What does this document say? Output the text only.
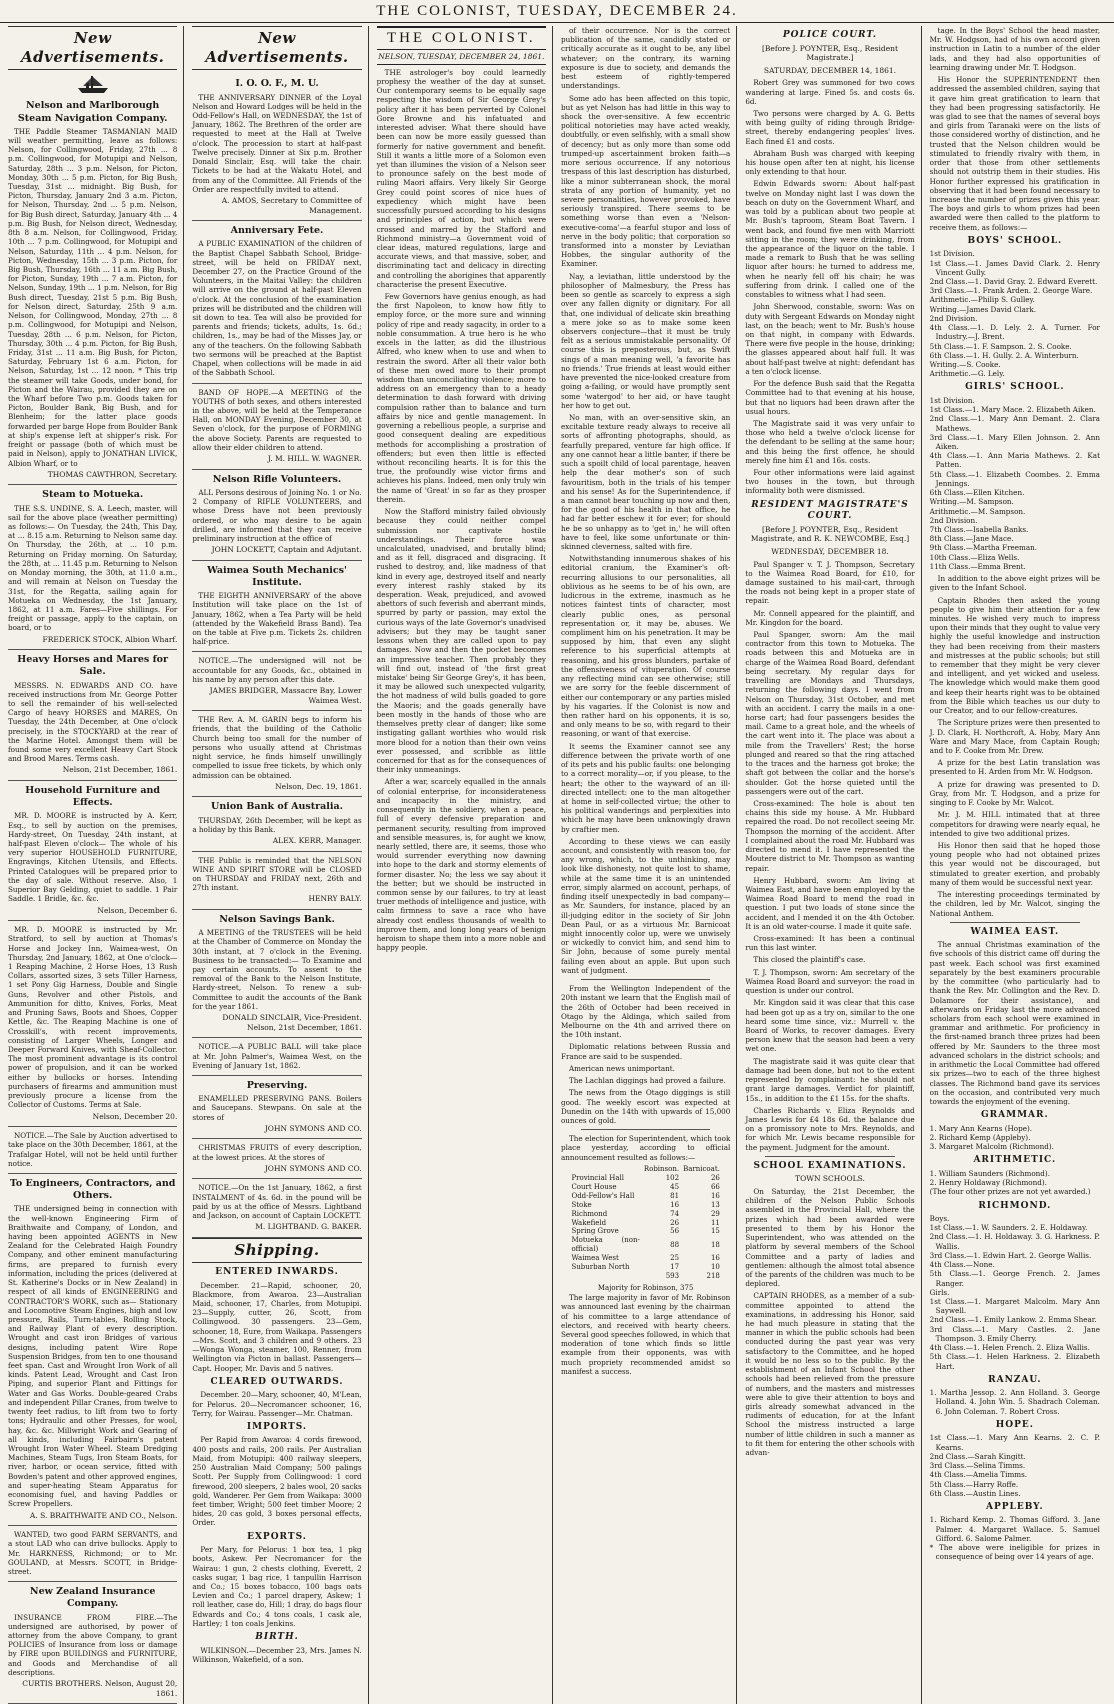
THE COLONIST, TUESDAY, DECEMBER 24.
New Advertisements.
Nelson and Marlborough Steam Navigation Company.
THE Paddle Steamer TASMANIAN MAID will weather permitting, leave as follows: Nelson, for Collingwood, Friday, 27th ... 8 p.m. Collingwood, for Motupipi and Nelson, Saturday, 28th ... 3 p.m. Nelson, for Picton, Monday, 30th ... 5 p.m. Picton, for Big Bush, Tuesday, 31st ... midnight. Big Bush, for Picton, Thursday, January 2nd 3 a.m. Picton, for Nelson, Thursday, 2nd ... 5 p.m. Nelson, for Big Bush direct, Saturday, January 4th ... 4 p.m. Big Bush, for Nelson direct, Wednesday, 8th 8 a.m. Nelson, for Collingwood, Friday, 10th ... 7 p.m. Collingwood, for Motupipi and Nelson, Saturday, 11th ... 4 p.m. Nelson, for Picton, Wednesday, 15th ... 3 p.m. Picton, for Big Bush, Thursday, 16th ... 11 a.m. Big Bush, for Picton, Sunday, 19th ... 7 a.m. Picton, for Nelson, Sunday, 19th ... 1 p.m. Nelson, for Big Bush direct, Tuesday, 21st 5 p.m. Big Bush, for Nelson direct, Saturday, 25th 9 a.m. Nelson, for Collingwood, Monday, 27th ... 8 p.m. Collingwood, for Motupipi and Nelson, Tuesday, 28th ... 6 p.m. Nelson, for Picton, Thursday, 30th ... 4 p.m. Picton, for Big Bush, Friday, 31st ... 11 a.m. Big Bush, for Picton, Saturday, February 1st 6 a.m. Picton, for Nelson, Saturday, 1st ... 12 noon. * This trip the steamer will take Goods, under bond, for Picton and the Wairau, provided they are on the Wharf before Two p.m. Goods taken for Picton, Boulder Bank, Big Bush, and for Blenheim; for the latter place goods forwarded per barge Hope from Boulder Bank at ship's expense left at shipper's risk. For freight or passage (both of which must be paid in Nelson), apply to JONATHAN LIVICK, Albion Wharf, or to
THOMAS CAWTHRON, Secretary.
Steam to Motueka.
THE S.S. UNDINE, S. A. Leech, master, will sail for the above place (weather permitting) as follows:— On Tuesday, the 24th, This Day, at ... 8.15 a.m. Returning to Nelson same day. On Thursday, the 26th, at ... 10 p.m. Returning on Friday morning. On Saturday, the 28th, at ... 11.45 p.m. Returning to Nelson on Monday morning, the 30th, at 11.0 a.m., and will remain at Nelson on Tuesday the 31st, for the Regatta, sailing again for Motueka on Wednesday, the 1st January, 1862, at 11 a.m. Fares—Five shillings. For freight or passage, apply to the captain, on board, or to
FREDERICK STOCK, Albion Wharf.
Heavy Horses and Mares for Sale.
MESSRS. N. EDWARDS AND CO. have received instructions from Mr. George Potter to sell the remainder of his well-selected Cargo of heavy HORSES and MARES, On Tuesday, the 24th December, at One o'clock precisely, in the STOCKYARD at the rear of the Marine Hotel. Amongst them will be found some very excellent Heavy Cart Stock and Brood Mares. Terms cash.
Nelson, 21st December, 1861.
Household Furniture and Effects.
MR. D. MOORE is instructed by A. Kerr, Esq., to sell by auction on the premises, Hardy-street, On Tuesday, 24th instant, at half-past Eleven o'clock— The whole of his very superior HOUSEHOLD FURNITURE, Engravings, Kitchen Utensils, and Effects. Printed Catalogues will be prepared prior to the day of sale. Without reserve. Also, 1 Superior Bay Gelding, quiet to saddle. 1 Pair Saddle. 1 Bridle, &c. &c.
Nelson, December 6.
MR. D. MOORE is instructed by Mr. Stratford, to sell by auction at Thomas's Horse and Jockey Inn, Waimea-west, On Thursday, 2nd January, 1862, at One o'clock— 1 Reaping Machine, 2 Horse Hoes, 13 Rush Collars, assorted sizes, 3 sets Tiller Harness, 1 set Pony Gig Harness, Double and Single Guns, Revolver and other Pistols, and Ammunition for ditto, Knives, Forks, Meat and Pruning Saws, Boots and Shoes, Copper Kettle, &c. The Reaping Machine is one of Crosskill's, with recent improvements, consisting of Larger Wheels, Longer and Deeper Forward Knives, with Sheaf-Collector. The most prominent advantage is its control power of propulsion, and it can be worked either by bullocks or horses. Intending purchasers of firearms and ammunition must previously procure a license from the Collector of Customs. Terms at Sale.
Nelson, December 20.
NOTICE.—The Sale by Auction advertised to take place on the 30th December, 1861, at the Trafalgar Hotel, will not be held until further notice.
To Engineers, Contractors, and Others.
THE undersigned being in connection with the well-known Engineering Firm of Braithwaite and Company, of London, and having been appointed AGENTS in New Zealand for the Celebrated Haigh Foundry Company, and other eminent manufacturing firms, are prepared to furnish every information, including the prices (delivered at St. Katherine's Docks or in New Zealand) in respect of all kinds of ENGINEERING and CONTRACTOR'S WORK, such as— Stationary and Locomotive Steam Engines, high and low pressure, Rails, Turn-tables, Rolling Stock, and Railway Plant of every description. Wrought and cast iron Bridges of various designs, including patent Wire Rope Suspension Bridges, from ten to one thousand feet span. Cast and Wrought Iron Work of all kinds. Patent Lead, Wrought and Cast Iron Piping, and superior Plant and Fittings for Water and Gas Works. Double-geared Crabs and independent Pillar Cranes, from twelve to twenty feet radius, to lift from two to forty tons; Hydraulic and other Presses, for wool, hay, &c. &c. Millwright Work and Gearing of all kinds, including Fairbairn's patent Wrought Iron Water Wheel. Steam Dredging Machines, Steam Tugs, Iron Steam Boats, for river, harbor, or ocean service, fitted with Bowden's patent and other approved engines, and super-heating Steam Apparatus for economising fuel, and having Paddles or Screw Propellers.
A. S. BRAITHWAITE AND CO., Nelson.
WANTED, two good FARM SERVANTS, and a stout LAD who can drive bullocks. Apply to Mr. HARKNESS, Richmond; or to Mr. GOULAND, at Messrs. SCOTT, in Bridge-street.
New Zealand Insurance Company.
INSURANCE FROM FIRE.—The undersigned are authorised, by power of attorney from the above Company, to grant POLICIES of Insurance from loss or damage by FIRE upon BUILDINGS and FURNITURE, and Goods and Merchandise of all descriptions.
CURTIS BROTHERS. Nelson, August 20, 1861.
New Advertisements.
I. O. O. F., M. U.
THE ANNIVERSARY DINNER of the Loyal Nelson and Howard Lodges will be held in the Odd-Fellow's Hall, on WEDNESDAY, the 1st of January, 1862. The Brethren of the order are requested to meet at the Hall at Twelve o'clock. The procession to start at half-past Twelve precisely. Dinner at Six p.m. Brother Donald Sinclair, Esq. will take the chair. Tickets to be had at the Wakatu Hotel, and from any of the Committee. All Friends of the Order are respectfully invited to attend.
A. AMOS, Secretary to Committee of Management.
Anniversary Fete.
A PUBLIC EXAMINATION of the children of the Baptist Chapel Sabbath School, Bridge-street, will be held on FRIDAY next, December 27, on the Practice Ground of the Volunteers, in the Maitai Valley: the children will arrive on the ground at half-past Eleven o'clock. At the conclusion of the examination prizes will be distributed and the children will sit down to tea. Tea will also be provided for parents and friends; tickets, adults, 1s. 6d.; children, 1s., may be had of the Misses Jay, or any of the teachers. On the following Sabbath two sermons will be preached at the Baptist Chapel, when collections will be made in aid of the Sabbath School.
BAND OF HOPE.—A MEETING of the YOUTHS of both sexes, and others interested in the above, will be held at the Temperance Hall, on MONDAY Evening, December 30, at Seven o'clock, for the purpose of FORMING the above Society. Parents are requested to allow their elder children to attend.
J. M. HILL. W. WAGNER.
Nelson Rifle Volunteers.
ALL Persons desirous of Joining No. 1 or No. 2 Company of RIFLE VOLUNTEERS, and whose Dress have not been previously ordered, or who may desire to be again drilled, are informed that they can receive preliminary instruction at the office of
JOHN LOCKETT, Captain and Adjutant.
Waimea South Mechanics' Institute.
THE EIGHTH ANNIVERSARY of the above Institution will take place on the 1st of January, 1862, when a Tea Party will be held (attended by the Wakefield Brass Band). Tea on the table at Five p.m. Tickets 2s. children half-price.
NOTICE.—The undersigned will not be accountable for any Goods, &c., obtained in his name by any person after this date.
JAMES BRIDGER, Massacre Bay, Lower Waimea West.
THE Rev. A. M. GARIN begs to inform his friends, that the building of the Catholic Church being too small for the number of persons who usually attend at Christmas night service, he finds himself unwillingly compelled to issue free tickets, by which only admission can be obtained.
Nelson, Dec. 19, 1861.
Union Bank of Australia.
THURSDAY, 26th December, will be kept as a holiday by this Bank.
ALEX. KERR, Manager.
THE Public is reminded that the NELSON WINE AND SPIRIT STORE will be CLOSED on THURSDAY and FRIDAY next, 26th and 27th instant.
HENRY BALY.
Nelson Savings Bank.
A MEETING of the TRUSTEES will be held at the Chamber of Commerce on Monday the 30th instant, at 7 o'clock in the Evening. Business to be transacted:— To Examine and pay certain accounts. To assent to the removal of the Bank to the Nelson Institute, Hardy-street, Nelson. To renew a sub-Committee to audit the accounts of the Bank for the year 1861.
DONALD SINCLAIR, Vice-President. Nelson, 21st December, 1861.
NOTICE.—A PUBLIC BALL will take place at Mr. John Palmer's, Waimea West, on the Evening of January 1st, 1862.
Preserving.
ENAMELLED PRESERVING PANS. Boilers and Saucepans. Stewpans. On sale at the stores of
JOHN SYMONS AND CO.
CHRISTMAS FRUITS of every description, at the lowest prices. At the stores of
JOHN SYMONS AND CO.
NOTICE.—On the 1st January, 1862, a first INSTALMENT of 4s. 6d. in the pound will be paid by us at the office of Messrs. Lightband and Jackson, on account of Captain LOCKETT.
M. LIGHTBAND. G. BAKER.
Shipping.
ENTERED INWARDS.

December. 21—Rapid, schooner, 20, Blackmore, from Awaroa. 23—Australian Maid, schooner, 17, Charles, from Motupipi. 23—Supply, cutter, 26, Scott, from Collingwood. 30 passengers. 23—Gem, schooner, 18, Eure, from Waikapa. Passengers—Mrs. Scott, and 3 children and 9 others. 23—Wonga Wonga, steamer, 100, Renner, from Wellington via Picton in ballast. Passengers—Capt. Hooper, Mr. Davis and 5 natives.

CLEARED OUTWARDS.

December. 20—Mary, schooner, 40, M'Lean, for Pelorus. 20—Necromancer schooner, 16, Terry, for Wairau. Passenger—Mr. Chatman.

IMPORTS.

Per Rapid from Awaroa: 4 cords firewood, 400 posts and rails, 200 rails. Per Australian Maid, from Motupipi: 400 railway sleepers, 250 Australian Maid Company; 500 palings Scott. Per Supply from Collingwood: 1 cord firewood, 200 sleepers, 2 bales wool, 20 sacks gold, Wanderer. Per Gem from Waikapa: 3000 feet timber, Wright; 500 feet timber Moore; 2 hides, 20 cas gold, 3 boxes personal effects, Order.

EXPORTS.

Per Mary, for Pelorus: 1 box tea, 1 pkg boots, Askew. Per Necromancer for the Wairau: 1 gun, 2 chests clothing, Everett, 2 casks sugar, 1 bag rice, 1 tanpullin Harrison and Co.; 15 boxes tobacco, 100 bags oats Levien and Co.; 1 parcel drapery, Askew; 1 roll leather, case do, Hill; 1 dray, do bags flour Edwards and Co.; 4 tons coals, 1 cask ale, Hartley; 1 ton coals Jenkins.

BIRTH.

WILKINSON.—December 23, Mrs. James N. Wilkinson, Wakefield, of a son.

THE COLONIST.
NELSON, TUESDAY, DECEMBER 24, 1861.

THE astrologer's boy could learnedly prophesy the weather of the day at sunset. Our contemporary seems to be equally sage respecting the wisdom of Sir George Grey's policy after it has been perverted by Colonel Gore Browne and his infatuated and interested adviser. What there should have been can now be more easily guessed than formerly for native government and benefit. Still it wants a little more of a Solomon even yet than illumines the vision of a Nelson seer to pronounce safely on the best mode of ruling Maori affairs. Very likely Sir George Grey could point scores of nice hues of expediency which might have been successfully pursued according to his designs and principles of action, but which were crossed and marred by the Stafford and Richmond ministry—a Government void of clear ideas, matured regulations, large and accurate views, and that massive, sober, and discriminating tact and delicacy in directing and controlling the aborigines that apparently characterise the present Executive.

Few Governors have genius enough, as had the first Napoleon, to know how fitly to employ force, or the more sure and winning policy of ripe and ready sagacity, in order to a noble consummation. A true hero is he who excels in the latter, as did the illustrious Alfred, who knew when to use and when to restrain the sword. After all their valor both of these men owed more to their prompt wisdom than unconciliating violence; more to address on an emergency than to a heady determination to dash forward with driving compulsion rather than to balance and turn affairs by nice and gentle management. In governing a rebellious people, a surprise and good consequent dealing are expeditious methods for accomplishing a prostration of offenders; but even then little is effected without reconciling hearts. It is for this the true, the profoundly wise victor firms and achieves his plans. Indeed, men only truly win the name of 'Great' in so far as they prosper therein.

Now the Stafford ministry failed obviously because they could neither compel submission nor captivate hostile understandings. Their force was uncalculated, unadvised, and brutally blind; and as it fell, disgraced and disgracing. It rushed to destroy, and, like madness of that kind in every age, destroyed itself and nearly every interest rashly staked by its desperation. Weak, prejudiced, and avowed abettors of such feverish and aberrant minds, spurred by party or passion, may extol the curious ways of the late Governor's unadvised advisers; but they may be taught saner lessons when they are called upon to pay damages. Now and then the pocket becomes an impressive teacher. Then probably they will find out, instead of 'the first great mistake' being Sir George Grey's, it has been, it may be allowed such unexpected vulgarity, the hot madness of wild bulls goaded to gore the Maoris; and the goads generally have been mostly in the hands of those who are themselves pretty clear of danger; like some instigating gallant worthies who would risk more blood for a notion than their own veins ever possessed, and scribble as little concerned for that as for the consequences of their inky unmeanings.

After a war, scarcely equalled in the annals of colonial enterprise, for inconsiderateness and incapacity in the ministry, and consequently in the soldiery, when a peace, full of every defensive preparation and permanent security, resulting from improved and sensible measures, is, for aught we know, nearly settled, there are, it seems, those who would surrender everything now dawning into hope to the dark and stormy elements of former disaster. No; the less we say about it the better; but we should be instructed in common sense by our failures, to try at least truer methods of intelligence and justice, with calm firmness to save a race who have already cost endless thousands of wealth to improve them, and long long years of benign heroism to shape them into a more noble and happy people.

of their occurrence. Nor is the correct publication of the same, candidly stated or critically accurate as it ought to be, any libel whatever; on the contrary, its warning exposure is due to society, and demands the best esteem of rightly-tempered understandings.

Some ado has been affected on this topic, but as yet Nelson has had little in this way to shock the over-sensitive. A few eccentric political notorieties may have acted weakly, doubtfully, or even selfishly, with a small show of decency; but as only more than some odd trumped-up ascertainment broken faith—a more serious occurrence. If any notorious trespass of this last description has disturbed, like a minor subterranean shock, the moral strata of any portion of humanity, yet no severe personalities, however provoked, have seriously transpired. There seems to be something worse than even a 'Nelson-executive-coma'—a fearful stupor and loss of nerve in the body politic; that corporation so transformed into a monster by Leviathan Hobbes, the singular authority of the Examiner.

Nay, a leviathan, little understood by the philosopher of Malmesbury, the Press has been so gentle as scarcely to express a sigh over any fallen dignity or dignitary. For all that, one individual of delicate skin breathing a mere joke so as to make some keen observers conjecture—that it must be truly felt as a serious unmistakable personality. Of course this is preposterous, but, as Swift sings of a man meaning well, 'a favorite has no friends.' True friends at least would either have prevented the nice-looked creature from going a-failing, or would have promptly sent some 'watergod' to her aid, or have taught her how to get out.

No man, with an over-sensitive skin, an excitable texture ready always to receive all sorts of affronting photographs, should, as fearfully prepared, venture far high office. If any one cannot hear a little banter, if there be such a spoilt child of local parentage, heaven help the dear mother's son of such favouritism, both in the trials of his temper and his sense! As for the Superintendence, if a man cannot bear touching up now and then, for the good of his health in that office, he had far better eschew it for ever; for should he be so unhappy as to 'get in,' he will often have to feel, like some unfortunate or thin-skinned cleverness, salted with fire.

Notwithstanding innumerous shakes of his editorial cranium, the Examiner's oft-recurring allusions to our personalities, all oblivious as he seems to be of his own, are ludicrous in the extreme, inasmuch as he notices faintest tints of character, most clearly public ones, as personal representation or, it may be, abuses. We compliment him on his penetration. It may be supposed by him, that even any slight reference to his superficial attempts at reasoning, and his gross blunders, partake of the offensiveness of vituperation. Of course any reflecting mind can see otherwise; still we are sorry for the feeble discernment of either our contemporary or any parties misled by his vagaries. If the Colonist is now and then rather hard on his opponents, it is so, and only means to be so, with regard to their reasoning, or want of that exercise.

It seems the Examiner cannot see any difference between the private worth of one of its pets and his public faults: one belonging to a correct morality—or, if you please, to the heart; the other to the wayward of an ill-directed intellect: one to the man altogether at home in self-collected virtue; the other to his political wanderings and perplexities into which he may have been unknowingly drawn by craftier men.

According to these views we can easily account, and consistently with reason too, for any wrong, which, to the unthinking, may look like dishonesty, not quite lost to shame, while at the same time it is an unintended error, simply alarmed on account, perhaps, of finding itself unexpectedly in bad company—as Mr. Saunders, for instance, placed by an ill-judging editor in the society of Sir John Dean Paul, or as a virtuous Mr. Barnicoat might innocently color up, were we unwisely or wickedly to convict him, and send him to Sir John, because of some purely mental failing even about an apple. But upon such want of judgment.

From the Wellington Independent of the 20th instant we learn that the English mail of the 26th of October had been received in Otago by the Aldinga, which sailed from Melbourne on the 4th and arrived there on the 10th instant.

Diplomatic relations between Russia and France are said to be suspended.

American news unimportant.

The Lachlan diggings had proved a failure.

The news from the Otago diggings is still good. The weekly escort was expected at Dunedin on the 14th with upwards of 15,000 ounces of gold.

The election for Superintendent, which took place yesterday, according to official announcement resulted as follows:—

	Robinson.	Barnicoat.
Provincial Hall	102	26
Court House	45	66
Odd-Fellow's Hall	81	16
Stoke	16	13
Richmond	74	29
Wakefield	26	11
Spring Grove	56	15
Motueka (non-official)	88	18
Waimea West	25	16
Suburban North	17	10
	593	218
Majority for Robinson, 375

The large majority in favor of Mr. Robinson was announced last evening by the chairman of his committee to a large attendance of electors, and received with hearty cheers. Several good speeches followed, in which that moderation of tone which finds so little example from their opponents, was with much propriety recommended amidst so manifest a success.

POLICE COURT.
[Before J. POYNTER, Esq., Resident Magistrate.]
SATURDAY, DECEMBER 14, 1861.

Robert Grey was summoned for two cows wandering at large. Fined 5s. and costs 6s. 6d.

Two persons were charged by A. G. Betts with being guilty of riding through Bridge-street, thereby endangering peoples' lives. Each fined £1 and costs.

Abraham Bush was charged with keeping his house open after ten at night, his license only extending to that hour.

Edwin Edwards sworn: About half-past twelve on Monday night last I was down the beach on duty on the Government Wharf, and was told by a publican about two people at Mr. Bush's taproom, Steam Boat Tavern. I went back, and found five men with Marriott sitting in the room; they were drinking, from the appearance of the liquor on the table. I made a remark to Bush that he was selling liquor after hours: he turned to address me, when he nearly fell off his chair; he was suffering from drink. I called one of the constables to witness what I had seen.

John Sherwood, constable, sworn: Was on duty with Sergeant Edwards on Monday night last, on the beach; went to Mr. Bush's house on that night, in company with Edwards. There were five people in the house, drinking; the glasses appeared about half full. It was about half-past twelve at night: defendant has a ten o'clock license.

For the defence Bush said that the Regatta Committee had to that evening at his house, but that no liquors had been drawn after the usual hours.

The Magistrate said it was very unfair to those who held a twelve o'clock license for the defendant to be selling at the same hour; and this being the first offence, he should merely fine him £1 and 16s. costs.

Four other informations were laid against two houses in the town, but through informality both were dismissed.

RESIDENT MAGISTRATE'S COURT.
[Before J. POYNTER, Esq., Resident Magistrate, and R. K. NEWCOMBE, Esq.]
WEDNESDAY, DECEMBER 18.

Paul Spanger v. T. J. Thompson, Secretary to the Waimea Road Board, for £10, for damage sustained to his mail-cart, through the roads not being kept in a proper state of repair.

Mr. Connell appeared for the plaintiff, and Mr. Kingdon for the board.

Paul Spanger, sworn: Am the mail contractor from this town to Motueka. The roads between this and Motueka are in charge of the Waimea Road Board, defendant being secretary. My regular days for travelling are Mondays and Thursdays, returning the following days. I went from Nelson on Thursday, 31st October, and met with an accident. I carry the mails in a one-horse cart; had four passengers besides the mail. Came to a great hole, and the wheels of the cart went into it. The place was about a mile from the Travellers' Rest; the horse plunged and reared so that the ring attached to the traces and the harness got broke; the shaft got between the collar and the horse's shoulder. Got the horse quieted until the passengers were out of the cart.

Cross-examined: The hole is about ten chains this side my house. A Mr. Hubbard repaired the road. Do not recollect seeing Mr. Thompson the morning of the accident. After I complained about the road Mr. Hubbard was directed to mend it. I have represented the Moutere district to Mr. Thompson as wanting repair.

Henry Hubbard, sworn: Am living at Waimea East, and have been employed by the Waimea Road Board to mend the road in question. I put two loads of stone since the accident, and I mended it on the 4th October. It is an old water-course. I made it quite safe.

Cross-examined: It has been a continual run this last winter.

This closed the plaintiff's case.

T. J. Thompson, sworn: Am secretary of the Waimea Road Board and surveyor: the road in question is under our control.

Mr. Kingdon said it was clear that this case had been got up as a try on, similar to the one heard some time since, viz.: Murrell v. the Board of Works, to recover damages. Every person knew that the season had been a very wet one.

The magistrate said it was quite clear that damage had been done, but not to the extent represented by complainant: he should not grant large damages. Verdict for plaintiff, 15s., in addition to the £1 15s. for the shafts.

Charles Richards v. Eliza Reynolds and James Lewis for £4 18s 6d. the balance due on a promissory note to Mrs. Reynolds, and for which Mr. Lewis became responsible for the payment. Judgment for the amount.

SCHOOL EXAMINATIONS.
TOWN SCHOOLS.

On Saturday, the 21st December, the children of the Nelson Public Schools assembled in the Provincial Hall, where the prizes which had been awarded were presented to them by his Honor the Superintendent, who was attended on the platform by several members of the School Committee and a party of ladies and gentlemen: although the almost total absence of the parents of the children was much to be deplored.

CAPTAIN RHODES, as a member of a sub-committee appointed to attend the examinations, in addressing his Honor, said he had much pleasure in stating that the manner in which the public schools had been conducted during the past year was very satisfactory to the Committee, and he hoped it would be no less so to the public. By the establishment of an Infant School the other schools had been relieved from the pressure of numbers, and the masters and mistresses were able to give their attention to boys and girls already somewhat advanced in the rudiments of education, for at the Infant School the mistress instructed a large number of little children in such a manner as to fit them for entering the other schools with advan-

tage. In the Boys' School the head master, Mr. W. Hodgson, had of his own accord given instruction in Latin to a number of the elder lads, and they had also opportunities of learning drawing under Mr. T. Hodgson.

His Honor the SUPERINTENDENT then addressed the assembled children, saying that it gave him great gratification to learn that they had been progressing satisfactorily. He was glad to see that the names of several boys and girls from Taranaki were on the lists of those considered worthy of distinction, and he trusted that the Nelson children would be stimulated to friendly rivalry with them, in order that those from other settlements should not outstrip them in their studies. His Honor further expressed his gratification in observing that it had been found necessary to increase the number of prizes given this year. The boys and girls to whom prizes had been awarded were then called to the platform to receive them, as follows:—

BOYS' SCHOOL.
1st Division.
1st Class.—1. James David Clark. 2. Henry Vincent Gully.
2nd Class.—1. David Gray. 2. Edward Everett.
3rd Class.—1. Frank Arden. 2. George Ware.
Arithmetic.—Philip S. Gulley.
Writing.—James David Clark.
2nd Division.
4th Class.—1. D. Lely. 2. A. Turner. For Industry.—J. Brent.
5th Class.—1. F. Sampson. 2. S. Cooke.
6th Class.—1. H. Gully. 2. A. Winterburn.
Writing.—S. Cooke.
Arithmetic.—G. Lely.
GIRLS' SCHOOL.
1st Division.
1st Class.—1. Mary Mace. 2. Elizabeth Aiken.
2nd Class.—1. Mary Ann Demant. 2. Clara Mathews.
3rd Class.—1. Mary Ellen Johnson. 2. Ann Aiken.
4th Class.—1. Ann Maria Mathews. 2. Kat Patten.
5th Class.—1. Elizabeth Coombes. 2. Emma Jennings.
6th Class.—Ellen Kitchen.
Writing.—M. Sampson.
Arithmetic.—M. Sampson.
2nd Division.
7th Class.—Isabella Banks.
8th Class.—Jane Mace.
9th Class.—Martha Freeman.
10th Class.—Eliza Wells.
11th Class.—Emma Brent.

In addition to the above eight prizes will be given to the Infant School.

Captain Rhodes then asked the young people to give him their attention for a few minutes. He wished very much to impress upon their minds that they ought to value very highly the useful knowledge and instruction they had been receiving from their masters and mistresses at the public schools; but still to remember that they might be very clever and intelligent, and yet wicked and useless. The knowledge which would make them good and keep their hearts right was to be obtained from the Bible which teaches us our duty to our Creator, and to our fellow-creatures.

The Scripture prizes were then presented to J. D. Clark, H. Northcroft, A. Hoby, Mary Ann Ware and Mary Mace, from Captain Rough; and to F. Cooke from Mr. Drew.

A prize for the best Latin translation was presented to H. Arden from Mr. W. Hodgson.

A prize for drawing was presented to D. Gray, from Mr. T. Hodgson, and a prize for singing to F. Cooke by Mr. Walcot.

Mr. J. M. HILL intimated that at three competitors for drawing were nearly equal, he intended to give two additional prizes.

His Honor then said that he hoped those young people who had not obtained prizes this year would not be discouraged, but stimulated to greater exertion, and probably many of them would be successful next year.

The interesting proceedings terminated by the children, led by Mr. Walcot, singing the National Anthem.

WAIMEA EAST.

The annual Christmas examination of the five schools of this district came off during the past week. Each school was first examined separately by the best examiners procurable by the committee (who particularly had to thank the Rev. Mr. Collington and the Rev. D. Dolamore for their assistance), and afterwards on Friday last the more advanced scholars from each school were examined in grammar and arithmetic. For proficiency in the first-named branch three prizes had been offered by Mr. Saunders to the three most advanced scholars in the district schools; and in arithmetic the Local Committee had offered six prizes—two to each of the three highest classes. The Richmond band gave its services on the occasion, and contributed very much towards the enjoyment of the evening.

GRAMMAR.
1. Mary Ann Kearns (Hope).
2. Richard Kemp (Appleby).
3. Margaret Malcolm (Richmond).
ARITHMETIC.
1. William Saunders (Richmond).
2. Henry Holdaway (Richmond).
(The four other prizes are not yet awarded.)
RICHMOND.
Boys.
1st Class.—1. W. Saunders. 2. E. Holdaway.
2nd Class.—1. H. Holdaway. 3. G. Harkness. P. Wallis.
3rd Class.—1. Edwin Hart. 2. George Wallis.
4th Class.—None.
5th Class.—1. George French. 2. James Ranger.
Girls.
1st Class.—1. Margaret Malcolm. Mary Ann Saywell.
2nd Class.—1. Emily Lankow. 2. Emma Shear.
3rd Class.—1. Mary Castles. 2. Jane Thompson. 3. Emily Cherry.
4th Class.—1. Helen French. 2. Eliza Wallis.
5th Class.—1. Helen Harkness. 2. Elizabeth Hart.
RANZAU.
1. Martha Jessop. 2. Ann Holland. 3. George Holland. 4. John Win. 5. Shadrach Coleman. 6. John Coleman. 7. Robert Cross.
HOPE.
1st Class.—1. Mary Ann Kearns. 2. C. P. Kearns.
2nd Class.—Sarah Kingitt.
3rd Class.—Selina Timms.
4th Class.—Amelia Timms.
5th Class.—Harry Roffe.
6th Class.—Austin Lines.
APPLEBY.
1. Richard Kemp. 2. Thomas Gifford. 3. Jane Palmer. 4. Margaret Wallace. 5. Samuel Gifford. 6. Salome Palmer.
* The above were ineligible for prizes in consequence of being over 14 years of age.
